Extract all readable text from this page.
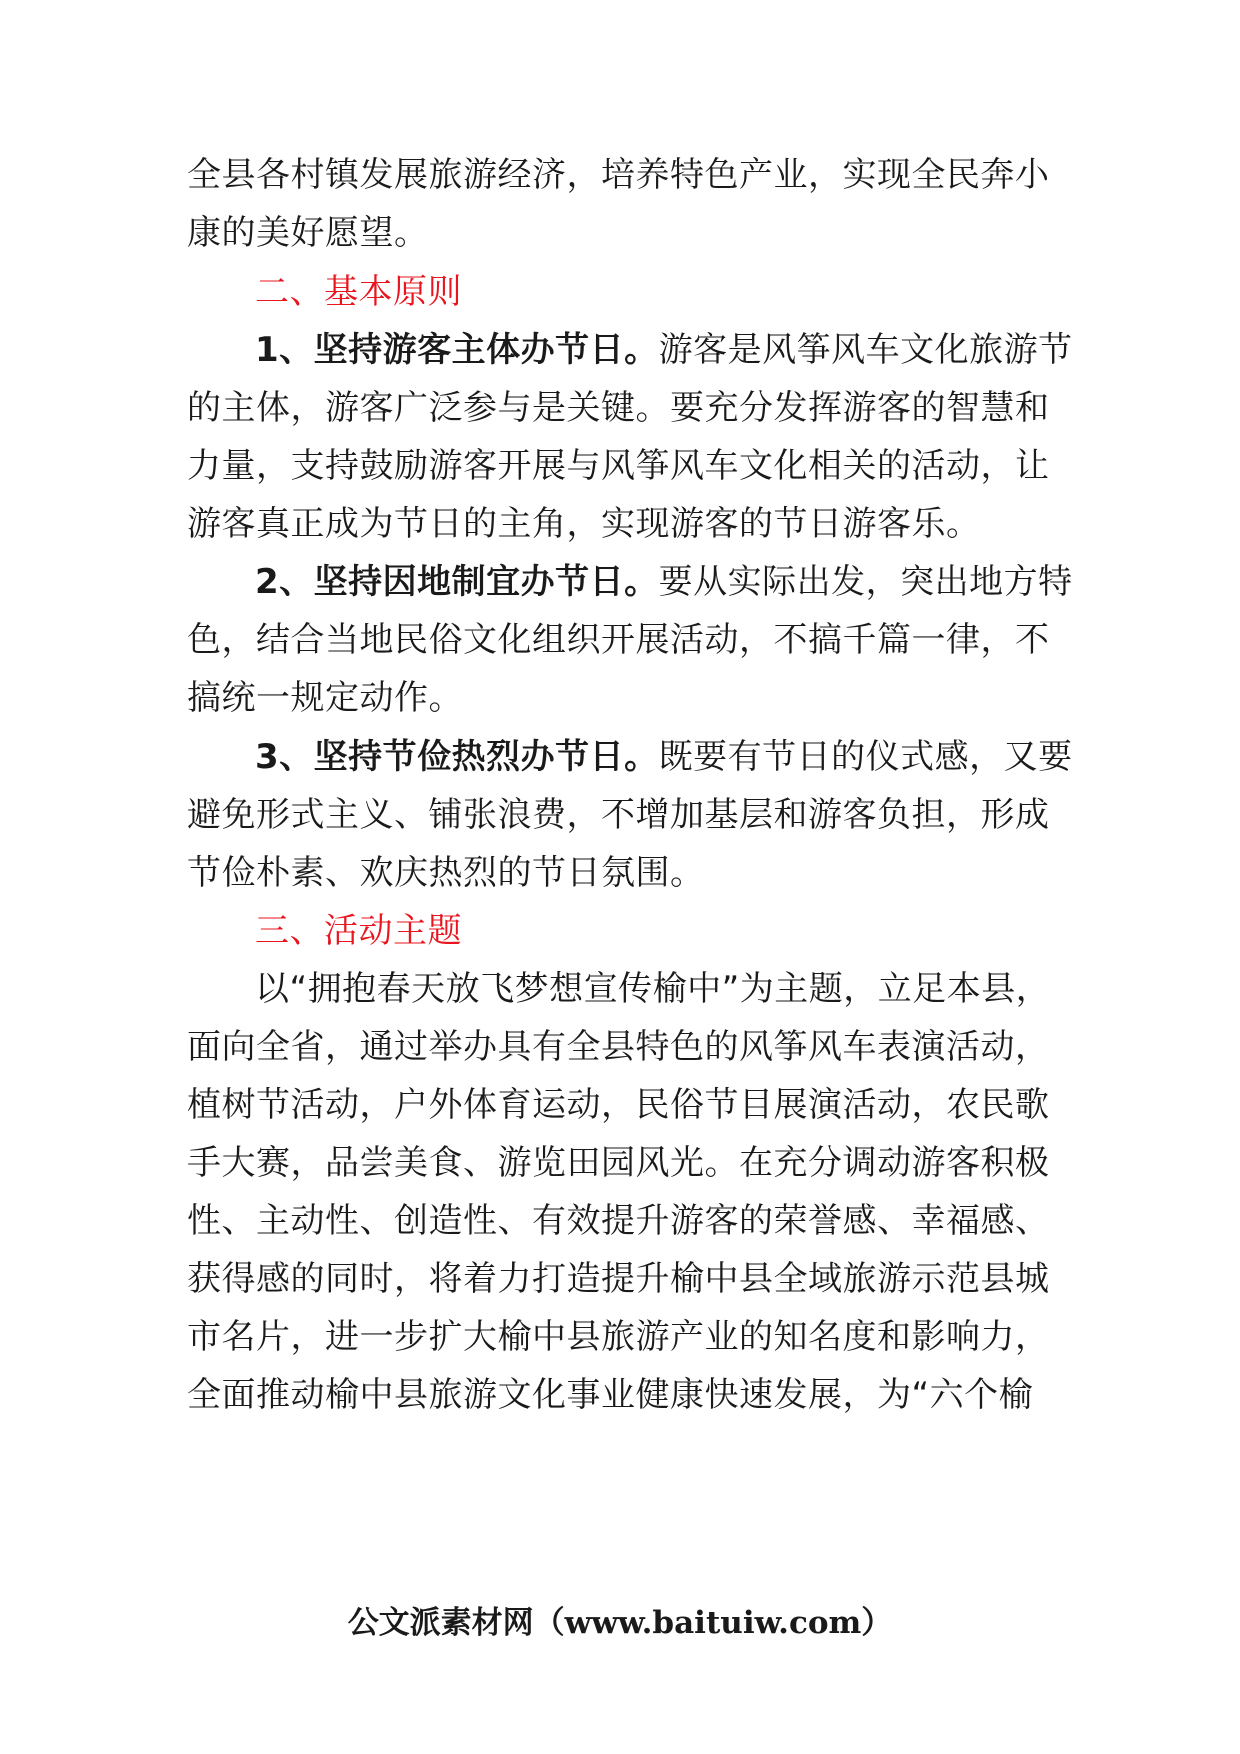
全县各村镇发展旅游经济，培养特色产业，实现全民奔小
康的美好愿望。
二、基本原则
1、坚持游客主体办节日。游客是风筝风车文化旅游节
的主体，游客广泛参与是关键。要充分发挥游客的智慧和
力量，支持鼓励游客开展与风筝风车文化相关的活动，让
游客真正成为节日的主角，实现游客的节日游客乐。
2、坚持因地制宜办节日。要从实际出发，突出地方特
色，结合当地民俗文化组织开展活动，不搞千篇一律，不
搞统一规定动作。
3、坚持节俭热烈办节日。既要有节日的仪式感，又要
避免形式主义、铺张浪费，不增加基层和游客负担，形成
节俭朴素、欢庆热烈的节日氛围。
三、活动主题
以“拥抱春天放飞梦想宣传榆中”为主题，立足本县，
面向全省，通过举办具有全县特色的风筝风车表演活动，
植树节活动，户外体育运动，民俗节目展演活动，农民歌
手大赛，品尝美食、游览田园风光。在充分调动游客积极
性、主动性、创造性、有效提升游客的荣誉感、幸福感、
获得感的同时，将着力打造提升榆中县全域旅游示范县城
市名片，进一步扩大榆中县旅游产业的知名度和影响力，
全面推动榆中县旅游文化事业健康快速发展，为“六个榆
公文派素材网（www.baituiw.com）
